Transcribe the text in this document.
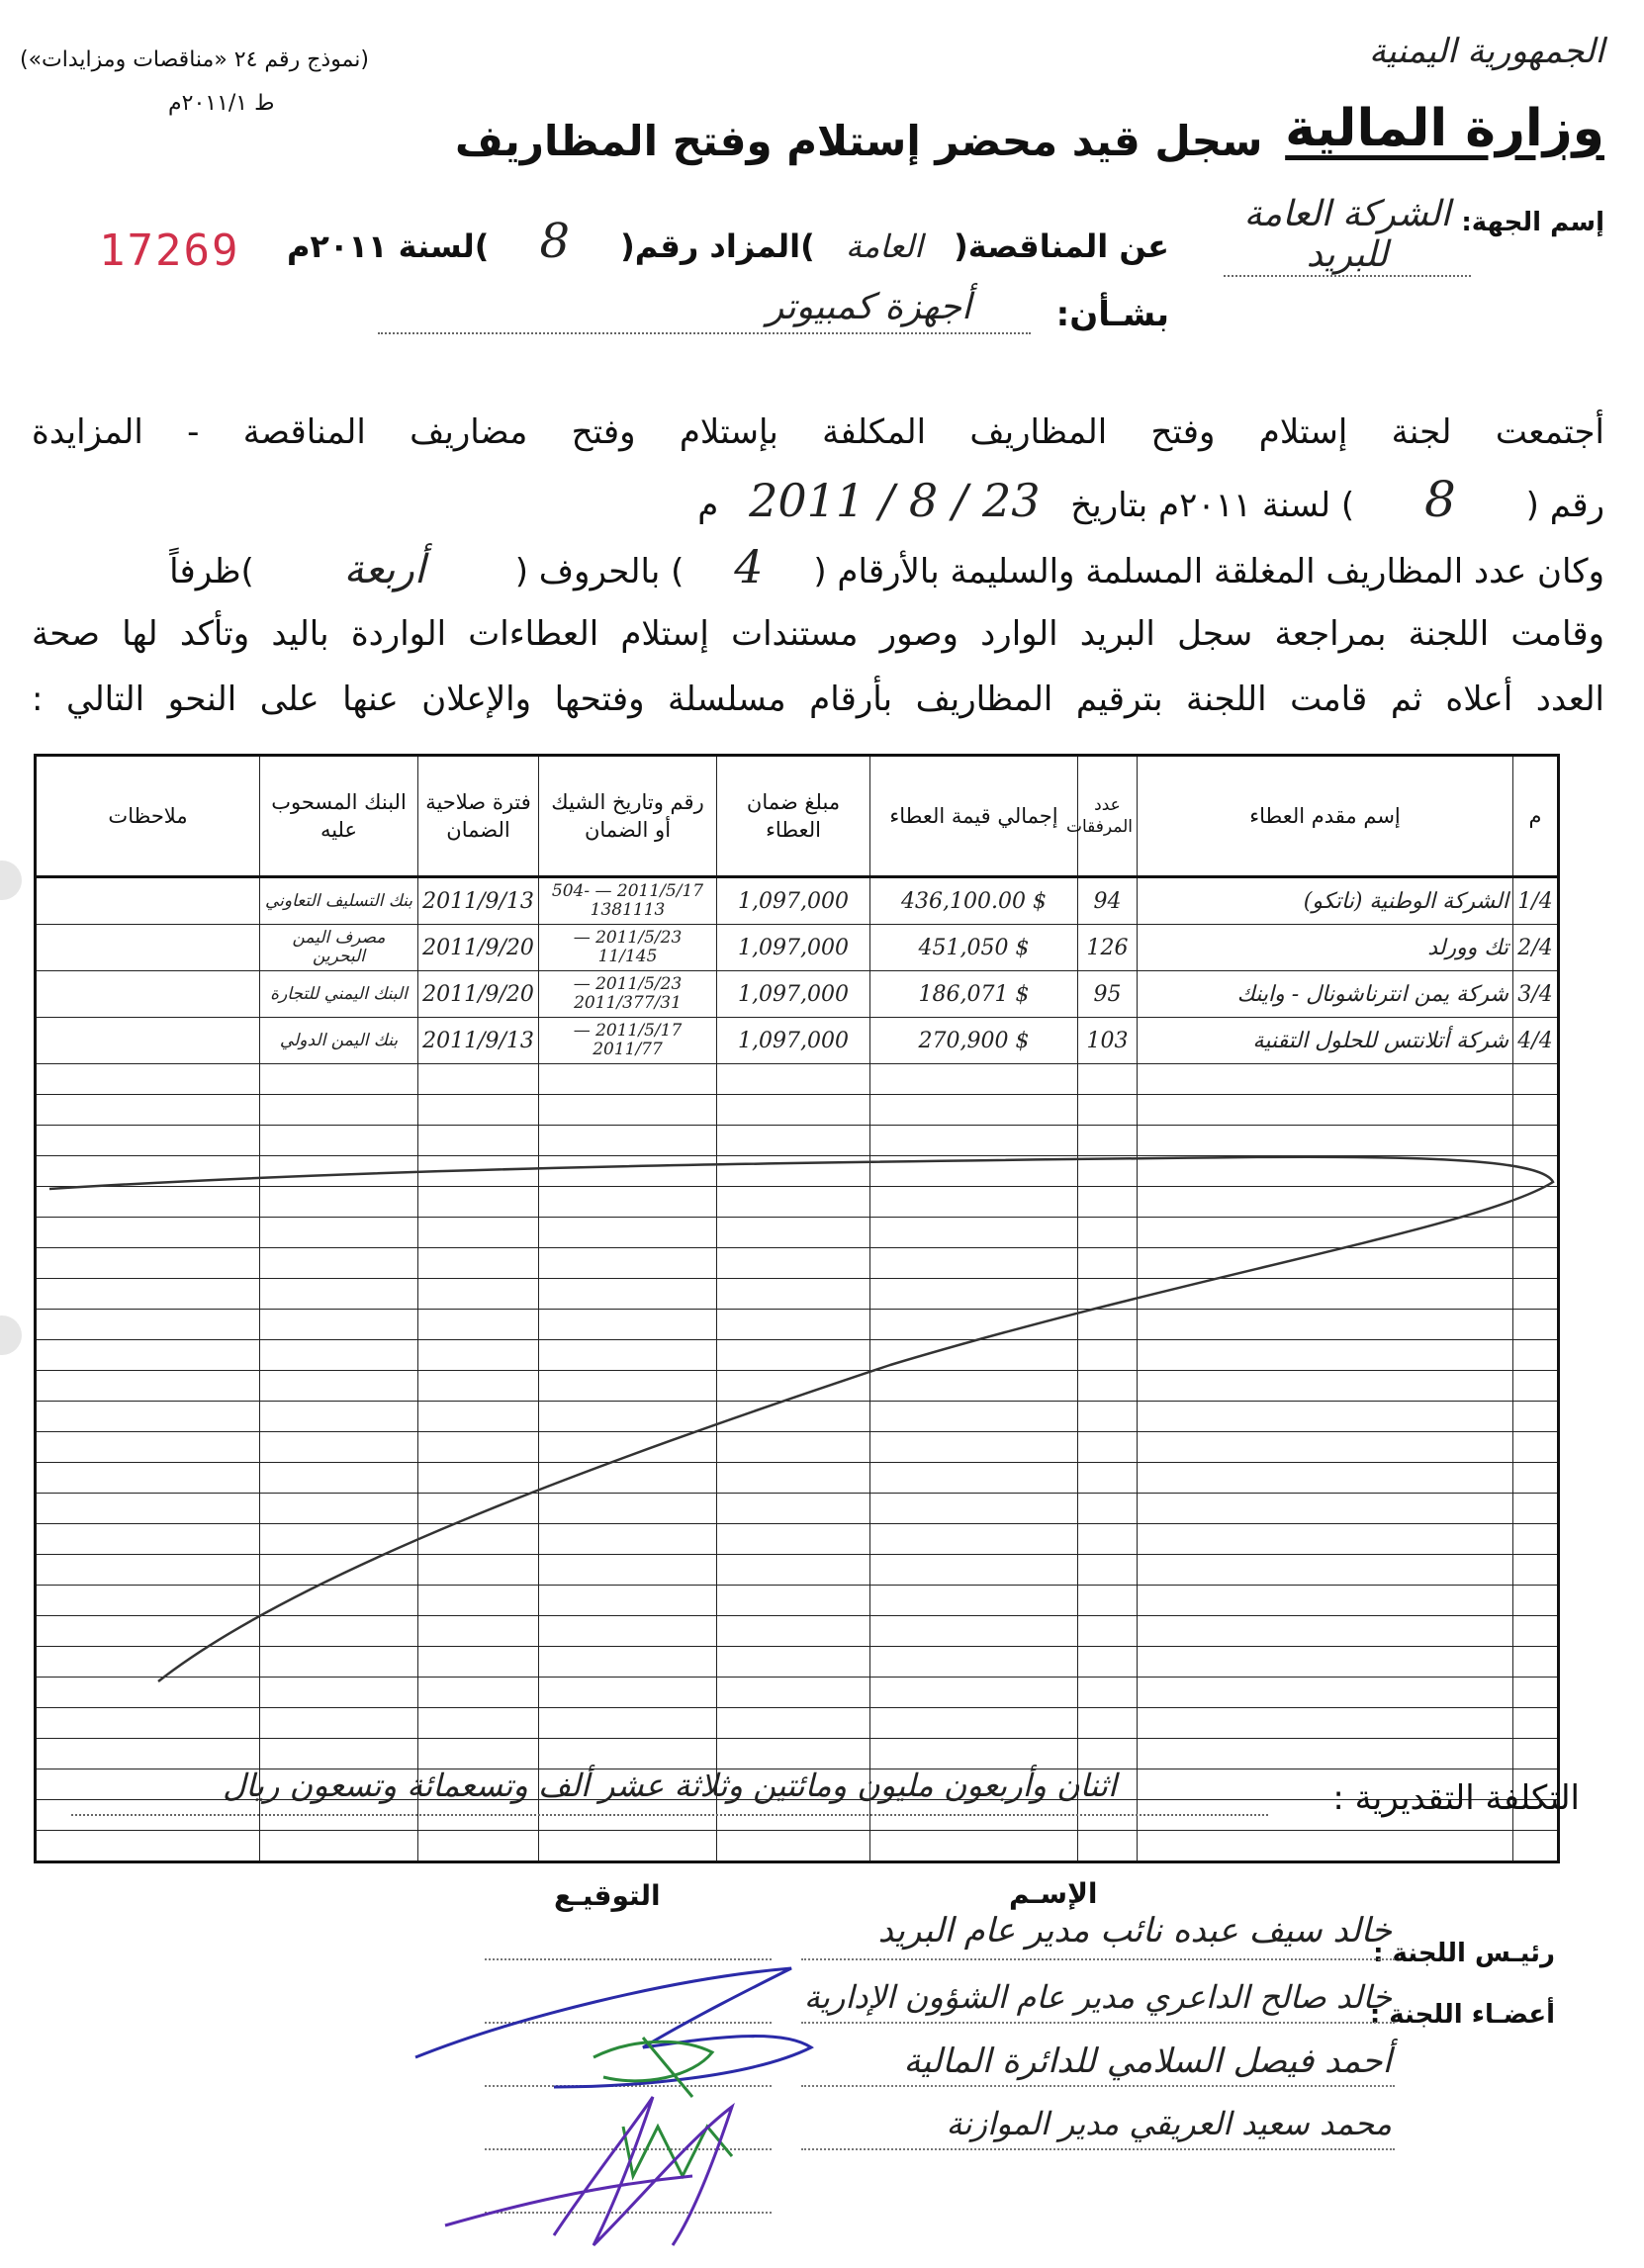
الجمهورية اليمنية
وزارة المالية
(نموذج رقم ٢٤ «مناقصات ومزايدات»)
ط ٢٠١١/١م
سجل قيد محضر إستلام وفتح المظاريف
17269
إسم الجهة:
الشركة العامة للبريد
عن المناقصة( العامة )المزاد رقم( 8 )لسنة ٢٠١١م
بشـأن:
أجهزة كمبيوتر
أجتمعت لجنة إستلام وفتح المظاريف المكلفة بإستلام وفتح مضاريف المناقصة - المزايدة
رقم ( 8 ) لسنة ٢٠١١م بتاريخ 23 / 8 / 2011 م
وكان عدد المظاريف المغلقة المسلمة والسليمة بالأرقام ( 4 ) بالحروف ( أربعة )ظرفاً
وقامت اللجنة بمراجعة سجل البريد الوارد وصور مستندات إستلام العطاءات الواردة باليد وتأكد لها صحة
العدد أعلاه ثم قامت اللجنة بترقيم المظاريف بأرقام مسلسلة وفتحها والإعلان عنها على النحو التالي :
م	إسم مقدم العطاء	عدد المرفقات	إجمالي قيمة العطاء	مبلغ ضمان العطاء	رقم وتاريخ الشيك أو الضمان	فترة صلاحية الضمان	البنك المسحوب عليه	ملاحظات
1/4	الشركة الوطنية (ناتكو)	94	$ 436,100.00	1,097,000	2011/5/17 — 504-1381113	2011/9/13	بنك التسليف التعاوني	
2/4	تك وورلد	126	$ 451,050	1,097,000	2011/5/23 — 11/145	2011/9/20	مصرف اليمن البحرين	
3/4	شركة يمن انترناشونال - واينك	95	$ 186,071	1,097,000	2011/5/23 — 2011/377/31	2011/9/20	البنك اليمني للتجارة	
4/4	شركة أتلانتس للحلول التقنية	103	$ 270,900	1,097,000	2011/5/17 — 2011/77	2011/9/13	بنك اليمن الدولي	

التكلفة التقديرية :
اثنان وأربعون مليون ومائتين وثلاثة عشر ألف وتسعمائة وتسعون ريال
الإسـم
التوقيـع
رئيـس اللجنة :
أعضـاء اللجنة :
خالد سيف عبده نائب مدير عام البريد
خالد صالح الداعري مدير عام الشؤون الإدارية
أحمد فيصل السلامي للدائرة المالية
محمد سعيد العريقي مدير الموازنة
